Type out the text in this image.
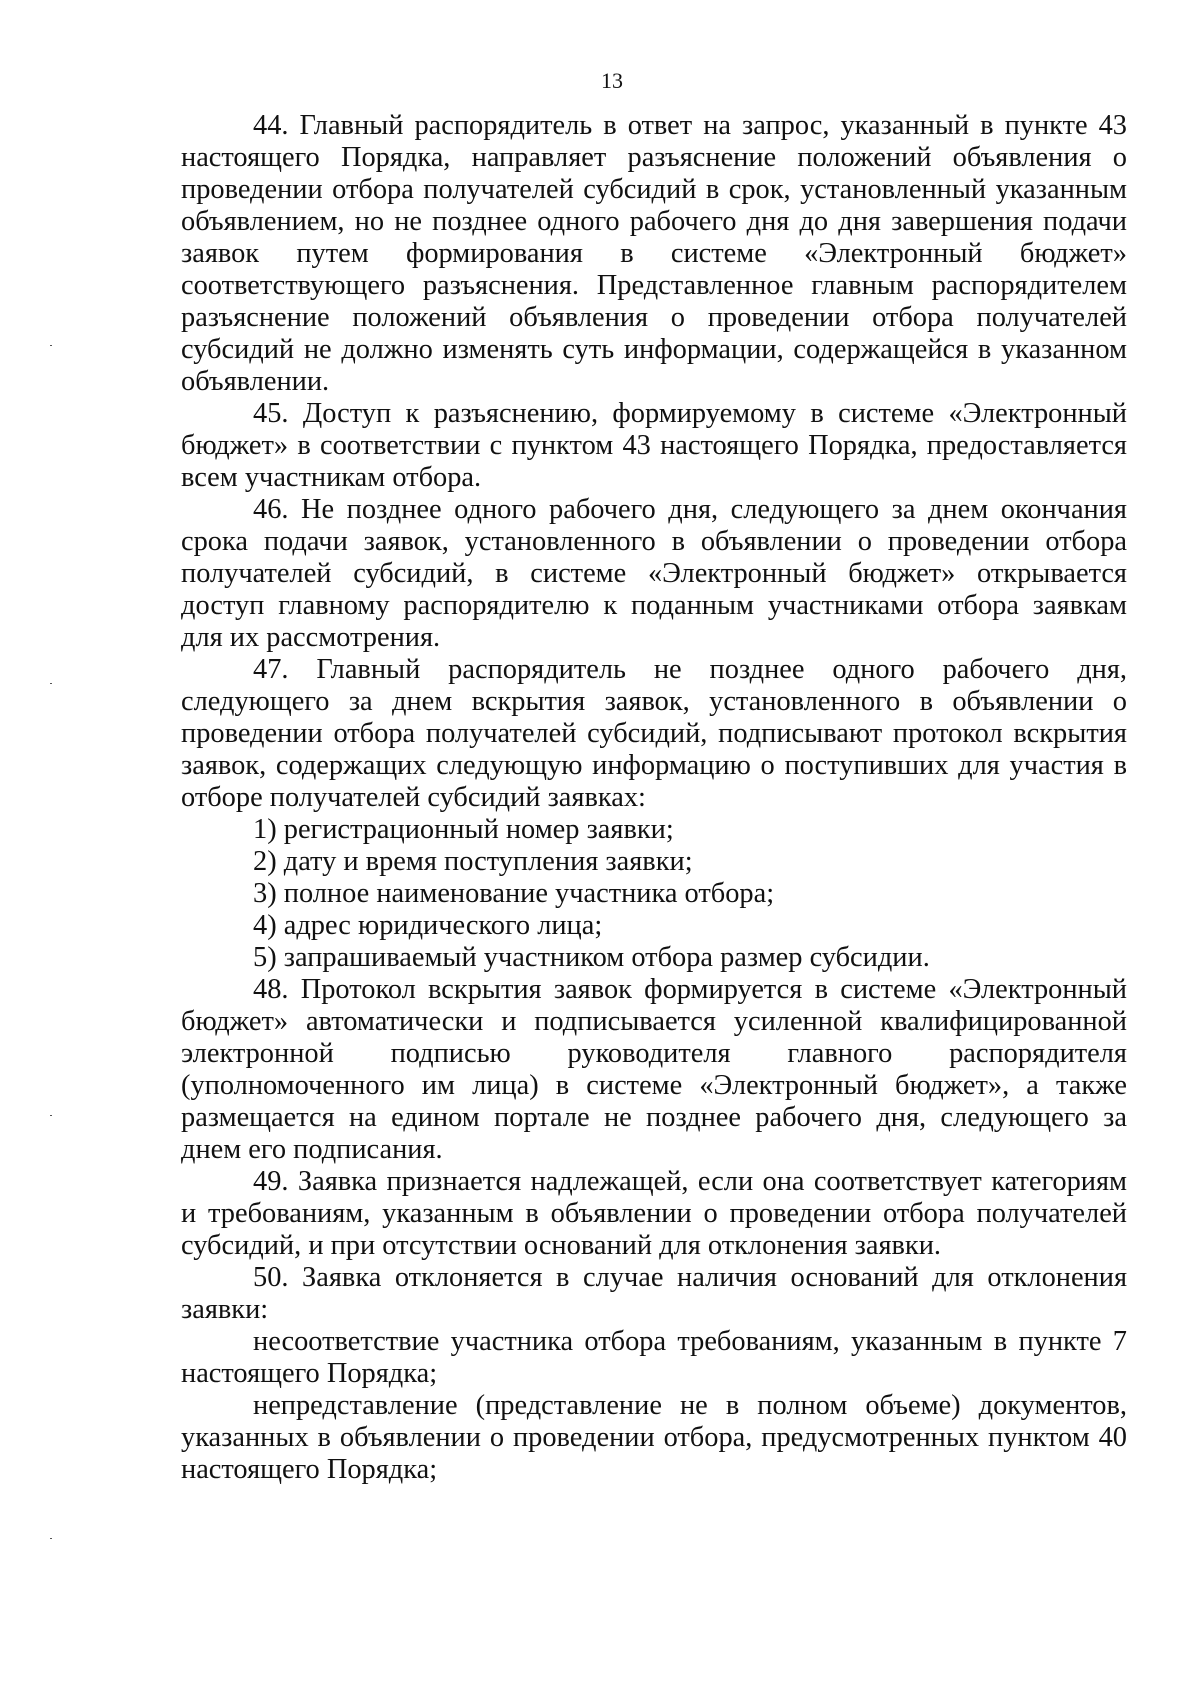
13

44. Главный распорядитель в ответ на запрос, указанный в пункте 43 настоящего Порядка, направляет разъяснение положений объявления о проведении отбора получателей субсидий в срок, установленный указанным объявлением, но не позднее одного рабочего дня до дня завершения подачи заявок путем формирования в системе «Электронный бюджет» соответствующего разъяснения. Представленное главным распорядителем разъяснение положений объявления о проведении отбора получателей субсидий не должно изменять суть информации, содержащейся в указанном объявлении.

45. Доступ к разъяснению, формируемому в системе «Электронный бюджет» в соответствии с пунктом 43 настоящего Порядка, предоставляется всем участникам отбора.

46. Не позднее одного рабочего дня, следующего за днем окончания срока подачи заявок, установленного в объявлении о проведении отбора получателей субсидий, в системе «Электронный бюджет» открывается доступ главному распорядителю к поданным участниками отбора заявкам для их рассмотрения.

47. Главный распорядитель не позднее одного рабочего дня, следующего за днем вскрытия заявок, установленного в объявлении о проведении отбора получателей субсидий, подписывают протокол вскрытия заявок, содержащих следующую информацию о поступивших для участия в отборе получателей субсидий заявках:

1) регистрационный номер заявки;

2) дату и время поступления заявки;

3) полное наименование участника отбора;

4) адрес юридического лица;

5) запрашиваемый участником отбора размер субсидии.

48. Протокол вскрытия заявок формируется в системе «Электронный бюджет» автоматически и подписывается усиленной квалифицированной электронной подписью руководителя главного распорядителя (уполномоченного им лица) в системе «Электронный бюджет», а также размещается на едином портале не позднее рабочего дня, следующего за днем его подписания.

49. Заявка признается надлежащей, если она соответствует категориям и требованиям, указанным в объявлении о проведении отбора получателей субсидий, и при отсутствии оснований для отклонения заявки.

50. Заявка отклоняется в случае наличия оснований для отклонения заявки:

несоответствие участника отбора требованиям, указанным в пункте 7 настоящего Порядка;

непредставление (представление не в полном объеме) документов, указанных в объявлении о проведении отбора, предусмотренных пунктом 40 настоящего Порядка;
